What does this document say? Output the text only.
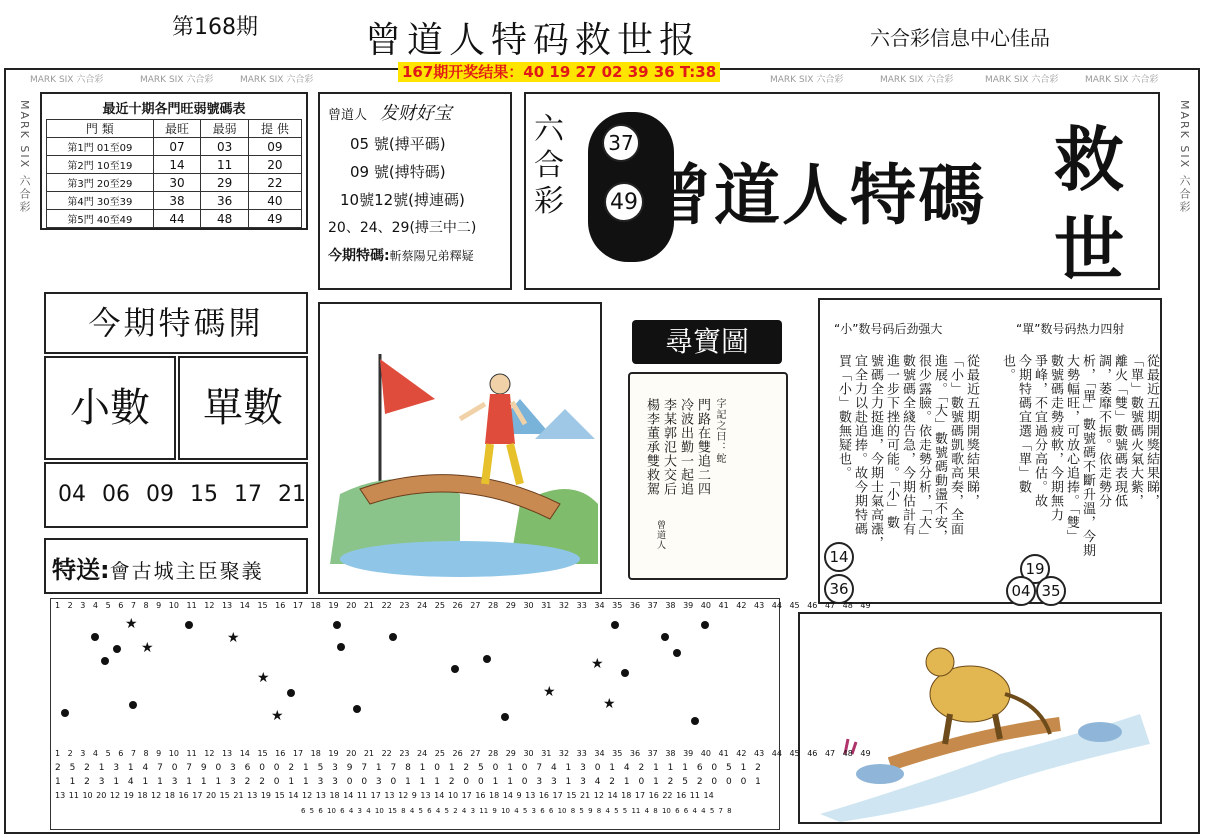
第168期	曾道人特码救世报	六合彩信息中心佳品
167期开奖结果：40 19 27 02 39 36 T:38
MARK SIX 六合彩	MARK SIX 六合彩	MARK SIX 六合彩	MARK SIX 六合彩	MARK SIX 六合彩	MARK SIX 六合彩	MARK SIX 六合彩
MARK SIX 六合彩	MARK SIX 六合彩
最近十期各門旺弱號碼表
門 類	最旺	最弱	提 供
第1門 01至09	07	03	09
第2門 10至19	14	11	20
第3門 20至29	30	29	22
第4門 30至39	38	36	40
第5門 40至49	44	48	49
曾道人 发财好宝
05 號(搏平碼)
09 號(搏特碼)
10號12號(搏連碼)
20、24、29(搏三中二)
今期特碼:斬蔡陽兄弟釋疑
六合彩
37
49 曾道人特碼 救
世
今期特碼開
小數	單數
04 06 09 15 17 21
特送:會古城主臣聚義
尋寶圖
字記之曰：蛇
門路在雙追二四
冷波出勤一起追
李某郭氾大交后
楊李董承雙救駕
曾道人
“小”数号码后劲强大	“單”数号码热力四射
從最近五期開獎結果睇，
「小」數號碼凱歌高奏，全面
進展。「大」數號碼動盪不安，
很少露臉。依走勢分析，「大」
數號碼全綫告急，今期估計有
進一步下挫的可能。「小」數
號碼全力挺進，今期士氣高漲，
宜全力以赴追捧。故今期特碼
買「小」數無疑也。	從最近五期開獎結果睇，
「單」數號碼火氣大紫，
離火「雙」數號碼表現低
調，萎靡不振。依走勢分
析，「單」數號碼不斷升溫，今期
大勢幅旺，可放心追捧。「雙」
數號碼走勢疲軟，今期無力
爭峰，不宜過分高估。故
今期特碼宜選「單」數
也。
14
36
19
04 35
1 2 3 4 5 6 7 8 9 10 11 12 13 14 15 16 17 18 19 20 21 22 23 24 25 26 27 28 29 30 31 32 33 34 35 36 37 38 39 40 41 42 43 44 45 46 47 48 49
★
★
★
★
★
★
★
★
1 2 3 4 5 6 7 8 9 10 11 12 13 14 15 16 17 18 19 20 21 22 23 24 25 26 27 28 29 30 31 32 33 34 35 36 37 38 39 40 41 42 43 44 45 46 47 48 49
2 5 2 1 3 1 4 7 0 7 9 0 3 6 0 0 2 1 5 3 9 7 1 7 8 1 0 1 2 5 0 1 0 7 4 1 3 0 1 4 2 1 1 1 6 0 5 1 2
1 1 2 3 1 4 1 1 3 1 1 1 3 2 2 0 1 1 3 3 0 0 3 0 1 1 1 2 0 0 1 1 0 3 3 1 3 4 2 1 0 1 2 5 2 0 0 0 1
13 11 10 20 12 19 18 12 18 16 17 20 15 21 13 19 15 14 12 13 18 14 11 17 13 12 9 13 14 10 17 16 18 14 9 13 16 17 15 21 12 14 18 17 16 22 16 11 14
6 5 6 10 6 4 3 4 10 15 8 4 5 6 4 5 2 4 3 11 9 10 4 5 3 6 6 10 8 5 9 8 4 5 5 11 4 8 10 6 6 4 4 5 7 8
